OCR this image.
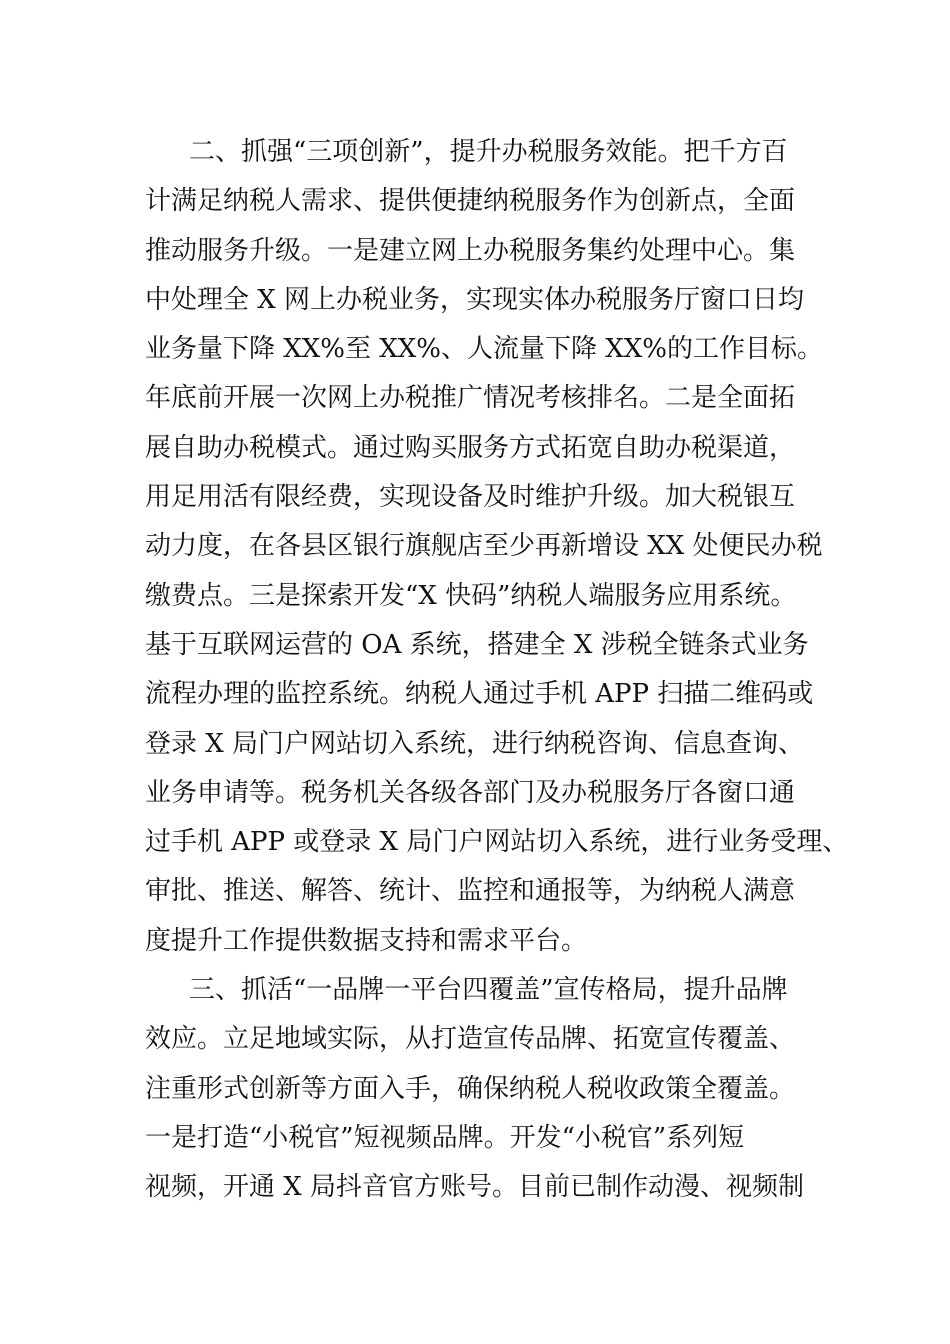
二、抓强“三项创新”，提升办税服务效能。把千方百
计满足纳税人需求、提供便捷纳税服务作为创新点，全面
推动服务升级。一是建立网上办税服务集约处理中心。集
中处理全 X 网上办税业务，实现实体办税服务厅窗口日均
业务量下降 XX%至 XX%、人流量下降 XX%的工作目标。
年底前开展一次网上办税推广情况考核排名。二是全面拓
展自助办税模式。通过购买服务方式拓宽自助办税渠道，
用足用活有限经费，实现设备及时维护升级。加大税银互
动力度，在各县区银行旗舰店至少再新增设 XX 处便民办税
缴费点。三是探索开发“X 快码”纳税人端服务应用系统。
基于互联网运营的 OA 系统，搭建全 X 涉税全链条式业务
流程办理的监控系统。纳税人通过手机 APP 扫描二维码或
登录 X 局门户网站切入系统，进行纳税咨询、信息查询、
业务申请等。税务机关各级各部门及办税服务厅各窗口通
过手机 APP 或登录 X 局门户网站切入系统，进行业务受理、
审批、推送、解答、统计、监控和通报等，为纳税人满意
度提升工作提供数据支持和需求平台。
三、抓活“一品牌一平台四覆盖”宣传格局，提升品牌
效应。立足地域实际，从打造宣传品牌、拓宽宣传覆盖、
注重形式创新等方面入手，确保纳税人税收政策全覆盖。
一是打造“小税官”短视频品牌。开发“小税官”系列短
视频，开通 X 局抖音官方账号。目前已制作动漫、视频制
